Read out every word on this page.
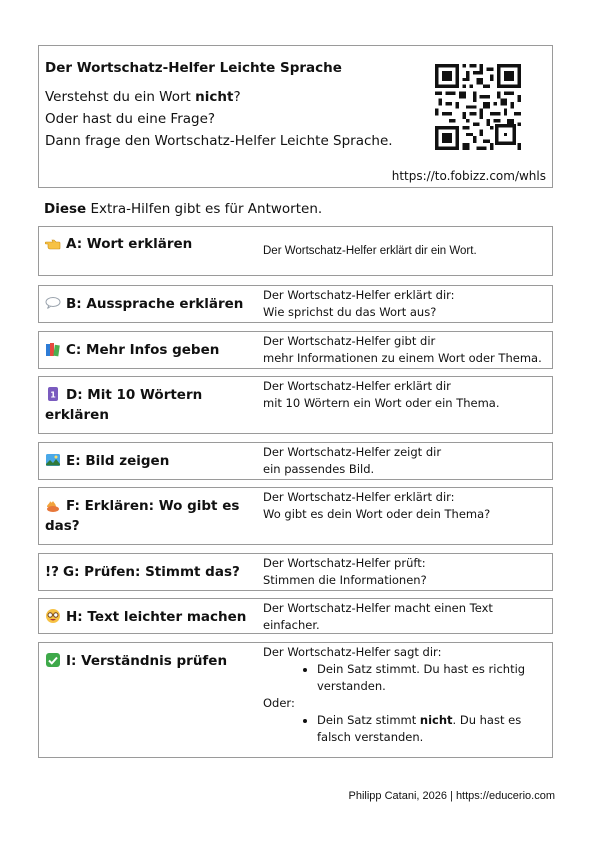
Der Wortschatz-Helfer Leichte Sprache
Verstehst du ein Wort nicht?
Oder hast du eine Frage?
Dann frage den Wortschatz-Helfer Leichte Sprache.
https://to.fobizz.com/whls
Diese Extra-Hilfen gibt es für Antworten.
A: Wort erklären	Der Wortschatz-Helfer erklärt dir ein Wort.
B: Aussprache erklären
Der Wortschatz-Helfer erklärt dir:
Wie sprichst du das Wort aus?
C: Mehr Infos geben
Der Wortschatz-Helfer gibt dir
mehr Informationen zu einem Wort oder Thema.
1 D: Mit 10 Wörtern erklären
Der Wortschatz-Helfer erklärt dir
mit 10 Wörtern ein Wort oder ein Thema.
E: Bild zeigen
Der Wortschatz-Helfer zeigt dir
ein passendes Bild.
F: Erklären: Wo gibt es das?
Der Wortschatz-Helfer erklärt dir:
Wo gibt es dein Wort oder dein Thema?
!? G: Prüfen: Stimmt das?
Der Wortschatz-Helfer prüft:
Stimmen die Informationen?
H: Text leichter machen
Der Wortschatz-Helfer macht einen Text einfacher.
I: Verständnis prüfen
Der Wortschatz-Helfer sagt dir:
• Dein Satz stimmt. Du hast es richtig verstanden.
Oder:
• Dein Satz stimmt nicht. Du hast es falsch verstanden.
Philipp Catani, 2026 | https://educerio.com
